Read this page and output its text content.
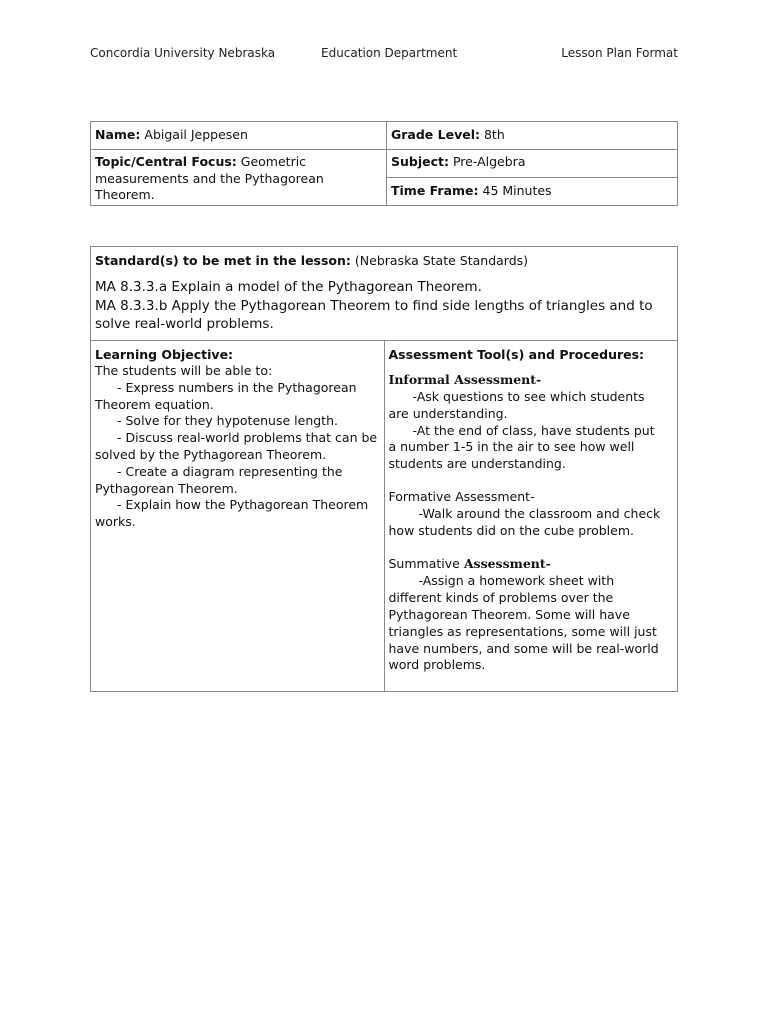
Concordia University Nebraska	Education Department	Lesson Plan Format
Name: Abigail Jeppesen	Grade Level: 8th
Topic/Central Focus: Geometric
measurements and the Pythagorean Theorem.	Subject: Pre-Algebra
	Time Frame: 45 Minutes
Standard(s) to be met in the lesson: (Nebraska State Standards)
MA 8.3.3.a Explain a model of the Pythagorean Theorem.
MA 8.3.3.b Apply the Pythagorean Theorem to find side lengths of triangles and to
solve real-world problems.

Learning Objective:
The students will be able to:
- Express numbers in the Pythagorean
Theorem equation.
- Solve for they hypotenuse length.
- Discuss real-world problems that can be
solved by the Pythagorean Theorem.
- Create a diagram representing the
Pythagorean Theorem.
- Explain how the Pythagorean Theorem
works.

Assessment Tool(s) and Procedures:
Informal Assessment-
-Ask questions to see which students
are understanding.
-At the end of class, have students put
a number 1-5 in the air to see how well
students are understanding.
Formative Assessment-
-Walk around the classroom and check
how students did on the cube problem.
Summative Assessment-
-Assign a homework sheet with
different kinds of problems over the
Pythagorean Theorem. Some will have
triangles as representations, some will just
have numbers, and some will be real-world
word problems.
